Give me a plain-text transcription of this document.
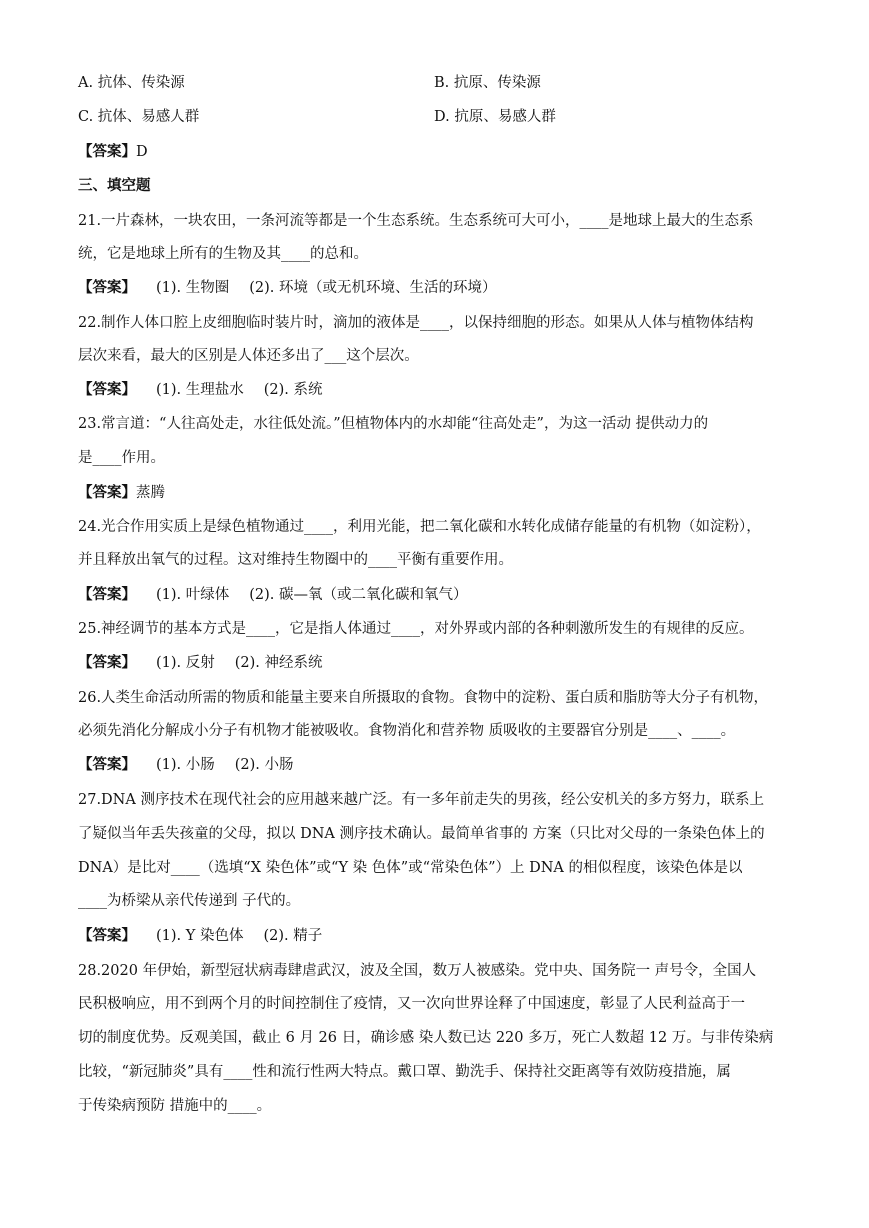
A. 抗体、传染源	B. 抗原、传染源
C. 抗体、易感人群	D. 抗原、易感人群
【答案】D
三、填空题
21.一片森林，一块农田，一条河流等都是一个生态系统。生态系统可大可小，____是地球上最大的生态系
统，它是地球上所有的生物及其____的总和。
【答案】 (1). 生物圈 (2). 环境（或无机环境、生活的环境）
22.制作人体口腔上皮细胞临时装片时，滴加的液体是____，以保持细胞的形态。如果从人体与植物体结构
层次来看，最大的区别是人体还多出了___这个层次。
【答案】 (1). 生理盐水 (2). 系统
23.常言道：“人往高处走，水往低处流。”但植物体内的水却能“往高处走”，为这一活动 提供动力的
是____作用。
【答案】蒸腾
24.光合作用实质上是绿色植物通过____，利用光能，把二氧化碳和水转化成储存能量的有机物（如淀粉），
并且释放出氧气的过程。这对维持生物圈中的____平衡有重要作用。
【答案】 (1). 叶绿体 (2). 碳—氧（或二氧化碳和氧气）
25.神经调节的基本方式是____，它是指人体通过____，对外界或内部的各种刺激所发生的有规律的反应。
【答案】 (1). 反射 (2). 神经系统
26.人类生命活动所需的物质和能量主要来自所摄取的食物。食物中的淀粉、蛋白质和脂肪等大分子有机物，
必须先消化分解成小分子有机物才能被吸收。食物消化和营养物 质吸收的主要器官分别是____、____。
【答案】 (1). 小肠 (2). 小肠
27.DNA 测序技术在现代社会的应用越来越广泛。有一多年前走失的男孩，经公安机关的多方努力，联系上
了疑似当年丢失孩童的父母，拟以 DNA 测序技术确认。最简单省事的 方案（只比对父母的一条染色体上的
DNA）是比对____（选填“X 染色体”或“Y 染 色体”或“常染色体”）上 DNA 的相似程度，该染色体是以
____为桥梁从亲代传递到 子代的。
【答案】 (1). Y 染色体 (2). 精子
28.2020 年伊始，新型冠状病毒肆虐武汉，波及全国，数万人被感染。党中央、国务院一 声号令，全国人
民积极响应，用不到两个月的时间控制住了疫情，又一次向世界诠释了中国速度，彰显了人民利益高于一
切的制度优势。反观美国，截止 6 月 26 日，确诊感 染人数已达 220 多万，死亡人数超 12 万。与非传染病
比较，“新冠肺炎”具有____性和流行性两大特点。戴口罩、勤洗手、保持社交距离等有效防疫措施，属
于传染病预防 措施中的____。
